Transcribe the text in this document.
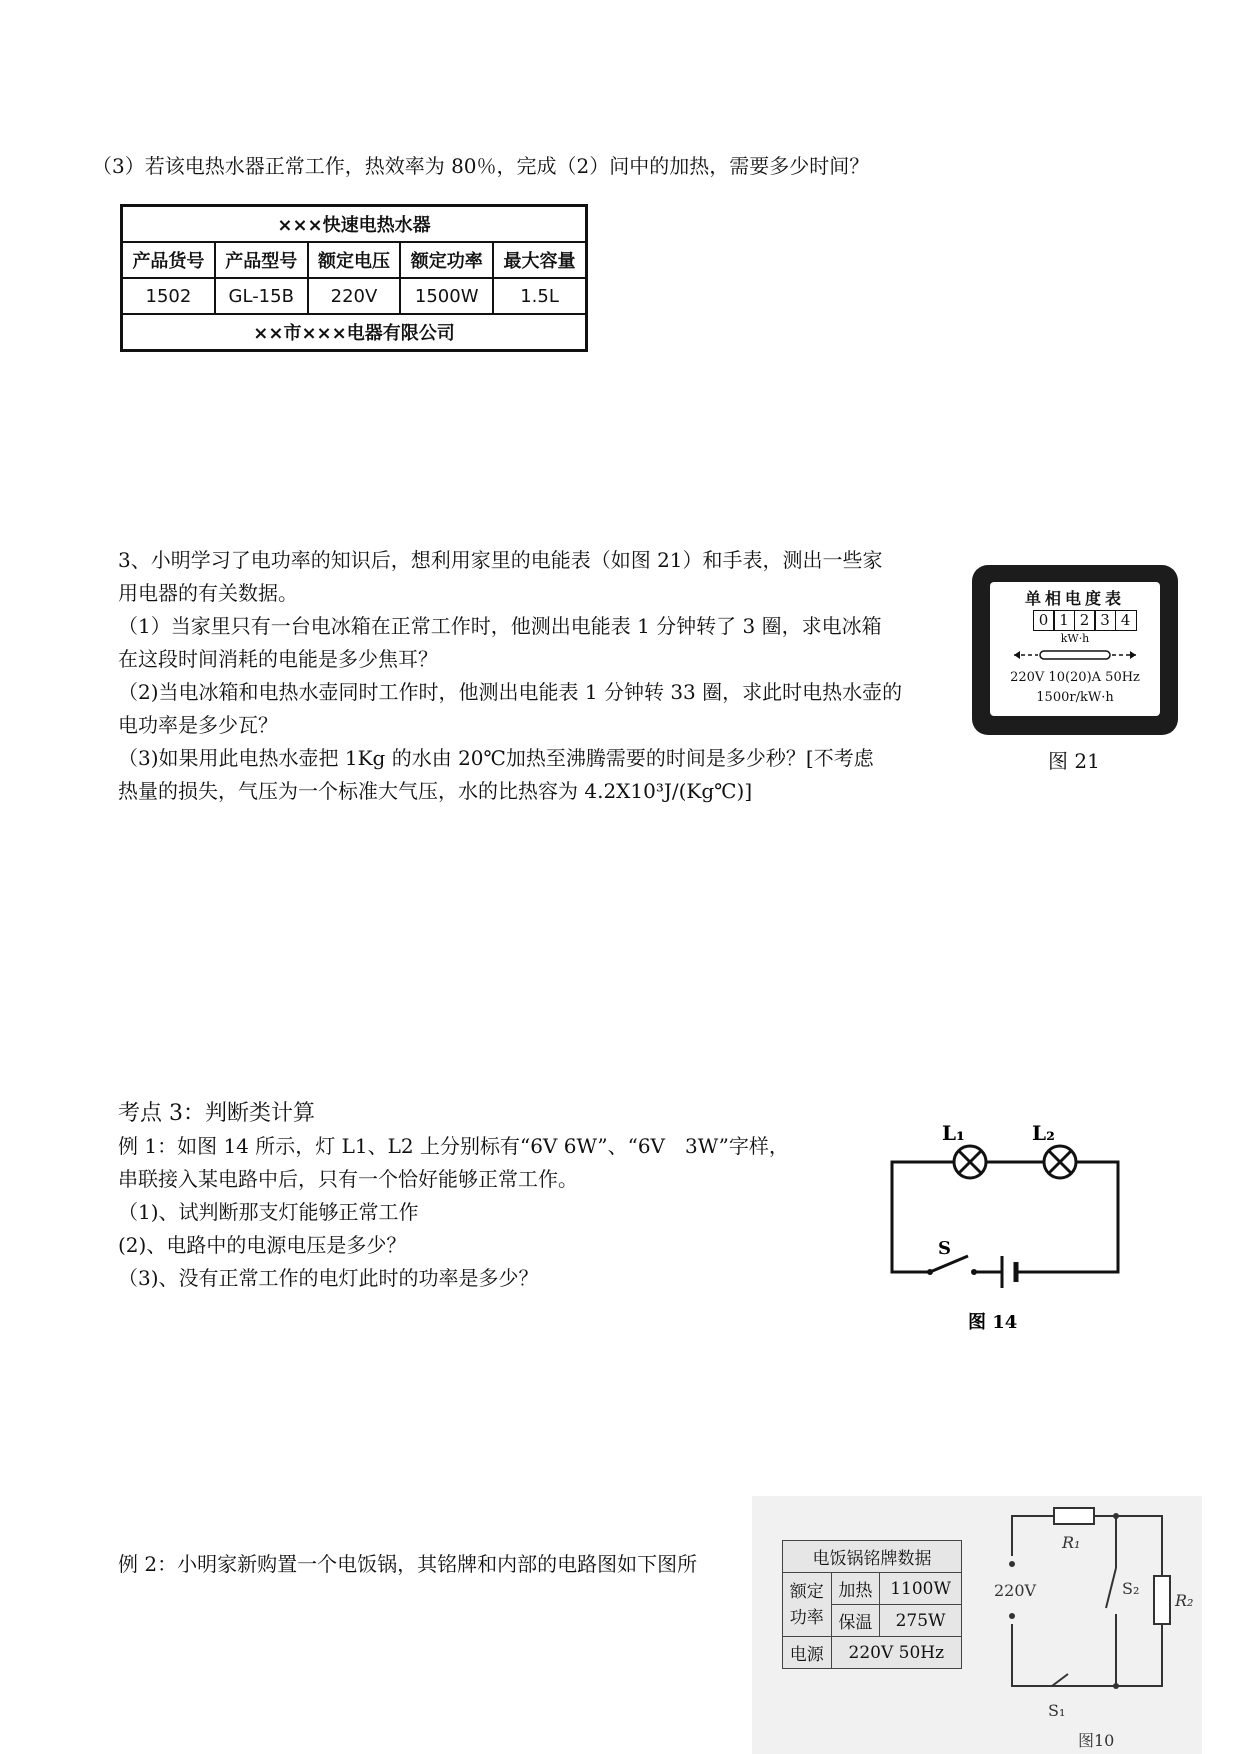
（3）若该电热水器正常工作，热效率为 80％，完成（2）问中的加热，需要多少时间？
×××快速电热水器				
产品货号	产品型号	额定电压	额定功率	最大容量
1502	GL-15B	220V	1500W	1.5L
××市×××电器有限公司				
3、小明学习了电功率的知识后，想利用家里的电能表（如图 21）和手表，测出一些家
用电器的有关数据。
（1）当家里只有一台电冰箱在正常工作时，他测出电能表 1 分钟转了 3 圈，求电冰箱
在这段时间消耗的电能是多少焦耳？
（2)当电冰箱和电热水壶同时工作时，他测出电能表 1 分钟转 33 圈，求此时电热水壶的
电功率是多少瓦？
（3)如果用此电热水壶把 1Kg 的水由 20℃加热至沸腾需要的时间是多少秒？[不考虑
热量的损失，气压为一个标准大气压，水的比热容为 4.2X10³J/(Kg℃)]
单相电度表
0 1 2 3 4
kW·h
220V 10(20)A 50Hz
1500r/kW·h
图 21
考点 3：判断类计算
例 1：如图 14 所示，灯 L1、L2 上分别标有“6V 6W”、“6V　3W”字样，
串联接入某电路中后，只有一个恰好能够正常工作。
（1)、试判断那支灯能够正常工作
(2)、电路中的电源电压是多少？
（3)、没有正常工作的电灯此时的功率是多少？
L₁	L₂
S
图 14
例 2：小明家新购置一个电饭锅，其铭牌和内部的电路图如下图所	电饭锅铭牌数据		
额定
功率	加热	1100W
	保温	275W
电源	220V 50Hz	
R₁
R₂
220V	S₂
S₁
图10
